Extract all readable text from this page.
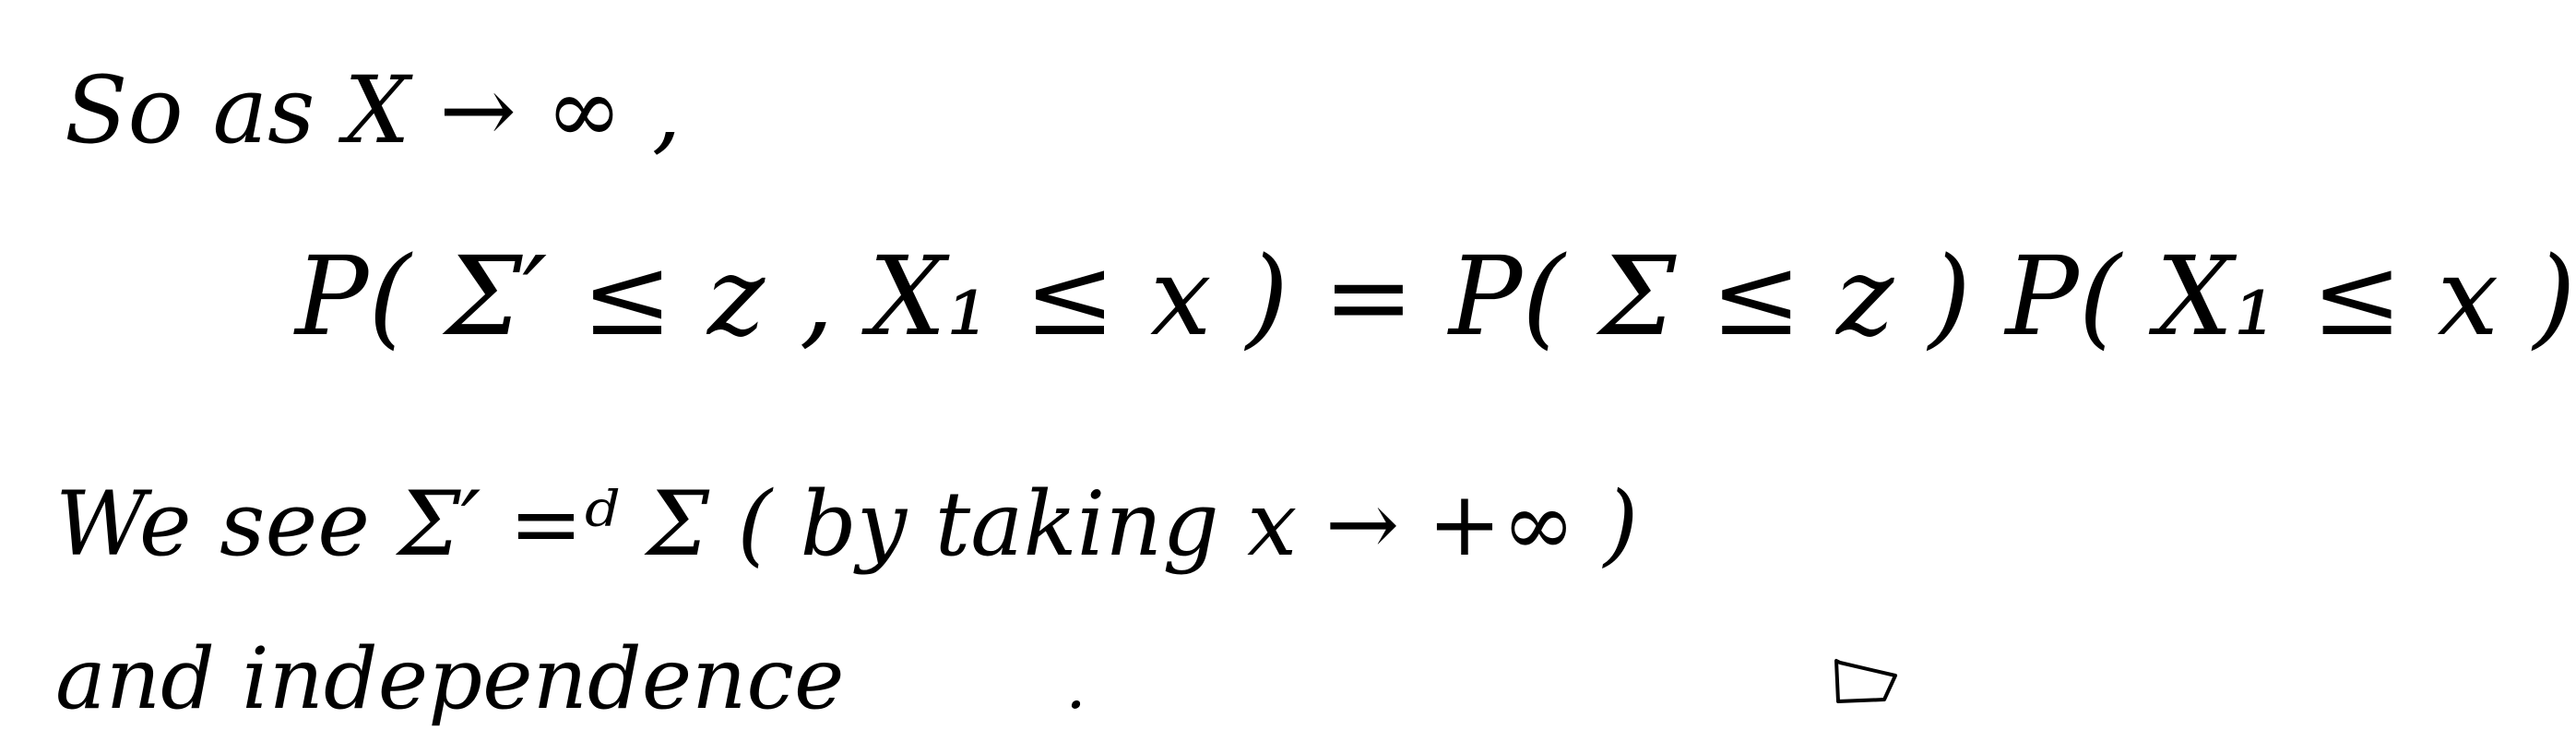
So as X → ∞ ,
P( Σ′ ≤ z , X₁ ≤ x ) = P( Σ ≤ z ) P( X₁ ≤ x )
We see Σ′ =ᵈ Σ ( by taking x → +∞ )
and independence	.
